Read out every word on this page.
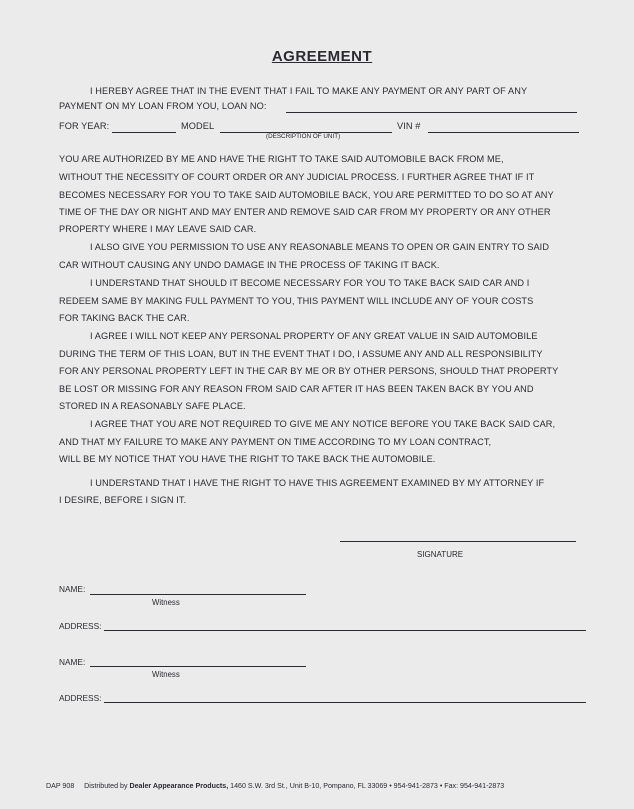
AGREEMENT
I HEREBY AGREE THAT IN THE EVENT THAT I FAIL TO MAKE ANY PAYMENT OR ANY PART OF ANY
PAYMENT ON MY LOAN FROM YOU, LOAN NO:
FOR YEAR:	MODEL	VIN #
(DESCRIPTION OF UNIT)
YOU ARE AUTHORIZED BY ME AND HAVE THE RIGHT TO TAKE SAID AUTOMOBILE BACK FROM ME,
WITHOUT THE NECESSITY OF COURT ORDER OR ANY JUDICIAL PROCESS. I FURTHER AGREE THAT IF IT
BECOMES NECESSARY FOR YOU TO TAKE SAID AUTOMOBILE BACK, YOU ARE PERMITTED TO DO SO AT ANY
TIME OF THE DAY OR NIGHT AND MAY ENTER AND REMOVE SAID CAR FROM MY PROPERTY OR ANY OTHER
PROPERTY WHERE I MAY LEAVE SAID CAR.
I ALSO GIVE YOU PERMISSION TO USE ANY REASONABLE MEANS TO OPEN OR GAIN ENTRY TO SAID
CAR WITHOUT CAUSING ANY UNDO DAMAGE IN THE PROCESS OF TAKING IT BACK.
I UNDERSTAND THAT SHOULD IT BECOME NECESSARY FOR YOU TO TAKE BACK SAID CAR AND I
REDEEM SAME BY MAKING FULL PAYMENT TO YOU, THIS PAYMENT WILL INCLUDE ANY OF YOUR COSTS
FOR TAKING BACK THE CAR.
I AGREE I WILL NOT KEEP ANY PERSONAL PROPERTY OF ANY GREAT VALUE IN SAID AUTOMOBILE
DURING THE TERM OF THIS LOAN, BUT IN THE EVENT THAT I DO, I ASSUME ANY AND ALL RESPONSIBILITY
FOR ANY PERSONAL PROPERTY LEFT IN THE CAR BY ME OR BY OTHER PERSONS, SHOULD THAT PROPERTY
BE LOST OR MISSING FOR ANY REASON FROM SAID CAR AFTER IT HAS BEEN TAKEN BACK BY YOU AND
STORED IN A REASONABLY SAFE PLACE.
I AGREE THAT YOU ARE NOT REQUIRED TO GIVE ME ANY NOTICE BEFORE YOU TAKE BACK SAID CAR,
AND THAT MY FAILURE TO MAKE ANY PAYMENT ON TIME ACCORDING TO MY LOAN CONTRACT,
WILL BE MY NOTICE THAT YOU HAVE THE RIGHT TO TAKE BACK THE AUTOMOBILE.
I UNDERSTAND THAT I HAVE THE RIGHT TO HAVE THIS AGREEMENT EXAMINED BY MY ATTORNEY IF
I DESIRE, BEFORE I SIGN IT.
SIGNATURE
NAME:
Witness
ADDRESS:
NAME:
Witness
ADDRESS:
DAP 908 Distributed by Dealer Appearance Products, 1460 S.W. 3rd St., Unit B-10, Pompano, FL 33069 • 954-941-2873 • Fax: 954-941-2873
